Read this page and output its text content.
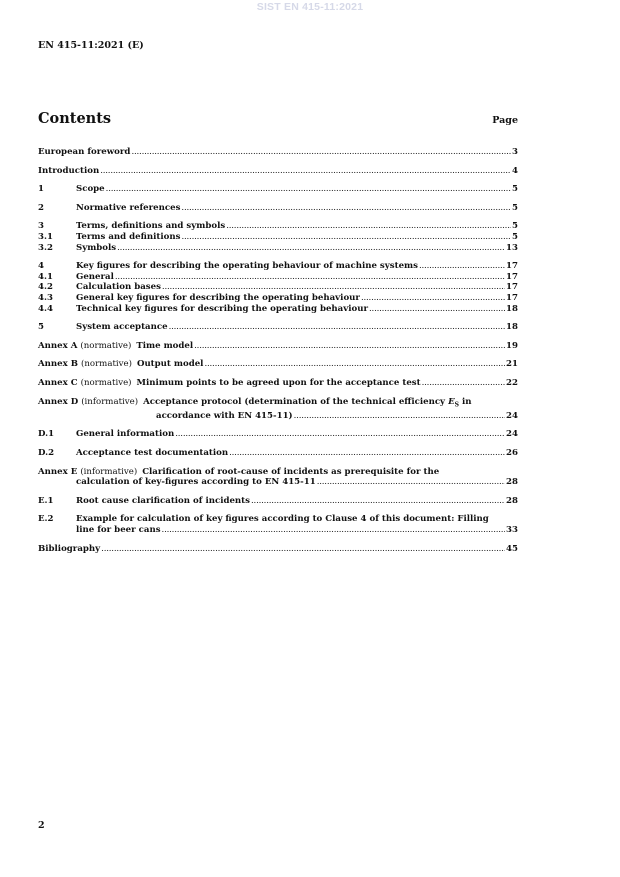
SIST EN 415-11:2021
EN 415-11:2021 (E)
Contents	Page
European foreword .....	3
Introduction .....	4
1	Scope .....	5
2	Normative references .....	5
3	Terms, definitions and symbols .....	5
3.1	Terms and definitions .....	5
3.2	Symbols .....	13
4	Key figures for describing the operating behaviour of machine systems .....	17
4.1	General .....	17
4.2	Calculation bases .....	17
4.3	General key figures for describing the operating behaviour .....	17
4.4	Technical key figures for describing the operating behaviour .....	18
5	System acceptance .....	18
Annex A (normative) Time model .....	19
Annex B (normative) Output model .....	21
Annex C (normative) Minimum points to be agreed upon for the acceptance test .....	22
Annex D (informative) Acceptance protocol (determination of the technical efficiency $E_S$ in
accordance with EN 415-11) .....	24
D.1	General information .....	24
D.2	Acceptance test documentation .....	26
Annex E (informative) Clarification of root-cause of incidents as prerequisite for the
calculation of key-figures according to EN 415-11 .....	28
E.1	Root cause clarification of incidents .....	28
E.2	Example for calculation of key figures according to Clause 4 of this document: Filling
line for beer cans .....	33
Bibliography .....	45
2
